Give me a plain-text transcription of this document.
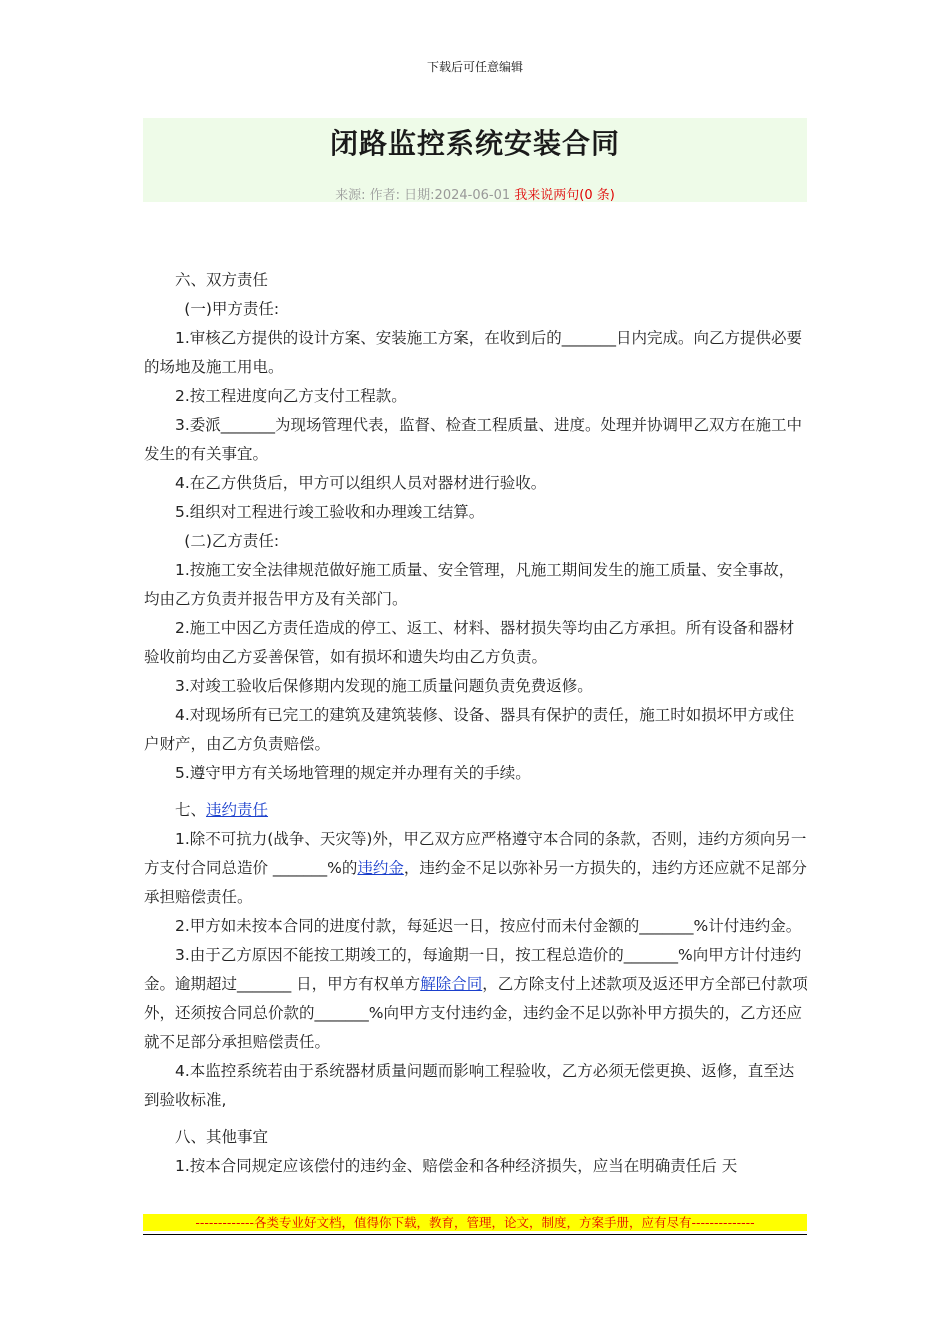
下载后可任意编辑
闭路监控系统安装合同
来源: 作者: 日期:2024-06-01 我来说两句(0 条)

六、双方责任

(一)甲方责任:

1.审核乙方提供的设计方案、安装施工方案，在收到后的_______日内完成。向乙方提供必要的场地及施工用电。

2.按工程进度向乙方支付工程款。

3.委派_______为现场管理代表，监督、检查工程质量、进度。处理并协调甲乙双方在施工中发生的有关事宜。

4.在乙方供货后，甲方可以组织人员对器材进行验收。

5.组织对工程进行竣工验收和办理竣工结算。

(二)乙方责任:

1.按施工安全法律规范做好施工质量、安全管理，凡施工期间发生的施工质量、安全事故，均由乙方负责并报告甲方及有关部门。

2.施工中因乙方责任造成的停工、返工、材料、器材损失等均由乙方承担。所有设备和器材验收前均由乙方妥善保管，如有损坏和遗失均由乙方负责。

3.对竣工验收后保修期内发现的施工质量问题负责免费返修。

4.对现场所有已完工的建筑及建筑装修、设备、器具有保护的责任，施工时如损坏甲方或住户财产，由乙方负责赔偿。

5.遵守甲方有关场地管理的规定并办理有关的手续。

七、违约责任

1.除不可抗力(战争、天灾等)外，甲乙双方应严格遵守本合同的条款，否则，违约方须向另一方支付合同总造价 _______%的违约金，违约金不足以弥补另一方损失的，违约方还应就不足部分承担赔偿责任。

2.甲方如未按本合同的进度付款，每延迟一日，按应付而未付金额的_______%计付违约金。

3.由于乙方原因不能按工期竣工的，每逾期一日，按工程总造价的_______%向甲方计付违约金。逾期超过_______ 日，甲方有权单方解除合同，乙方除支付上述款项及返还甲方全部已付款项外，还须按合同总价款的_______%向甲方支付违约金，违约金不足以弥补甲方损失的，乙方还应就不足部分承担赔偿责任。

4.本监控系统若由于系统器材质量问题而影响工程验收，乙方必须无偿更换、返修，直至达到验收标准,

八、其他事宜

1.按本合同规定应该偿付的违约金、赔偿金和各种经济损失，应当在明确责任后 天

-------------各类专业好文档，值得你下载，教育，管理，论文，制度，方案手册，应有尽有--------------
